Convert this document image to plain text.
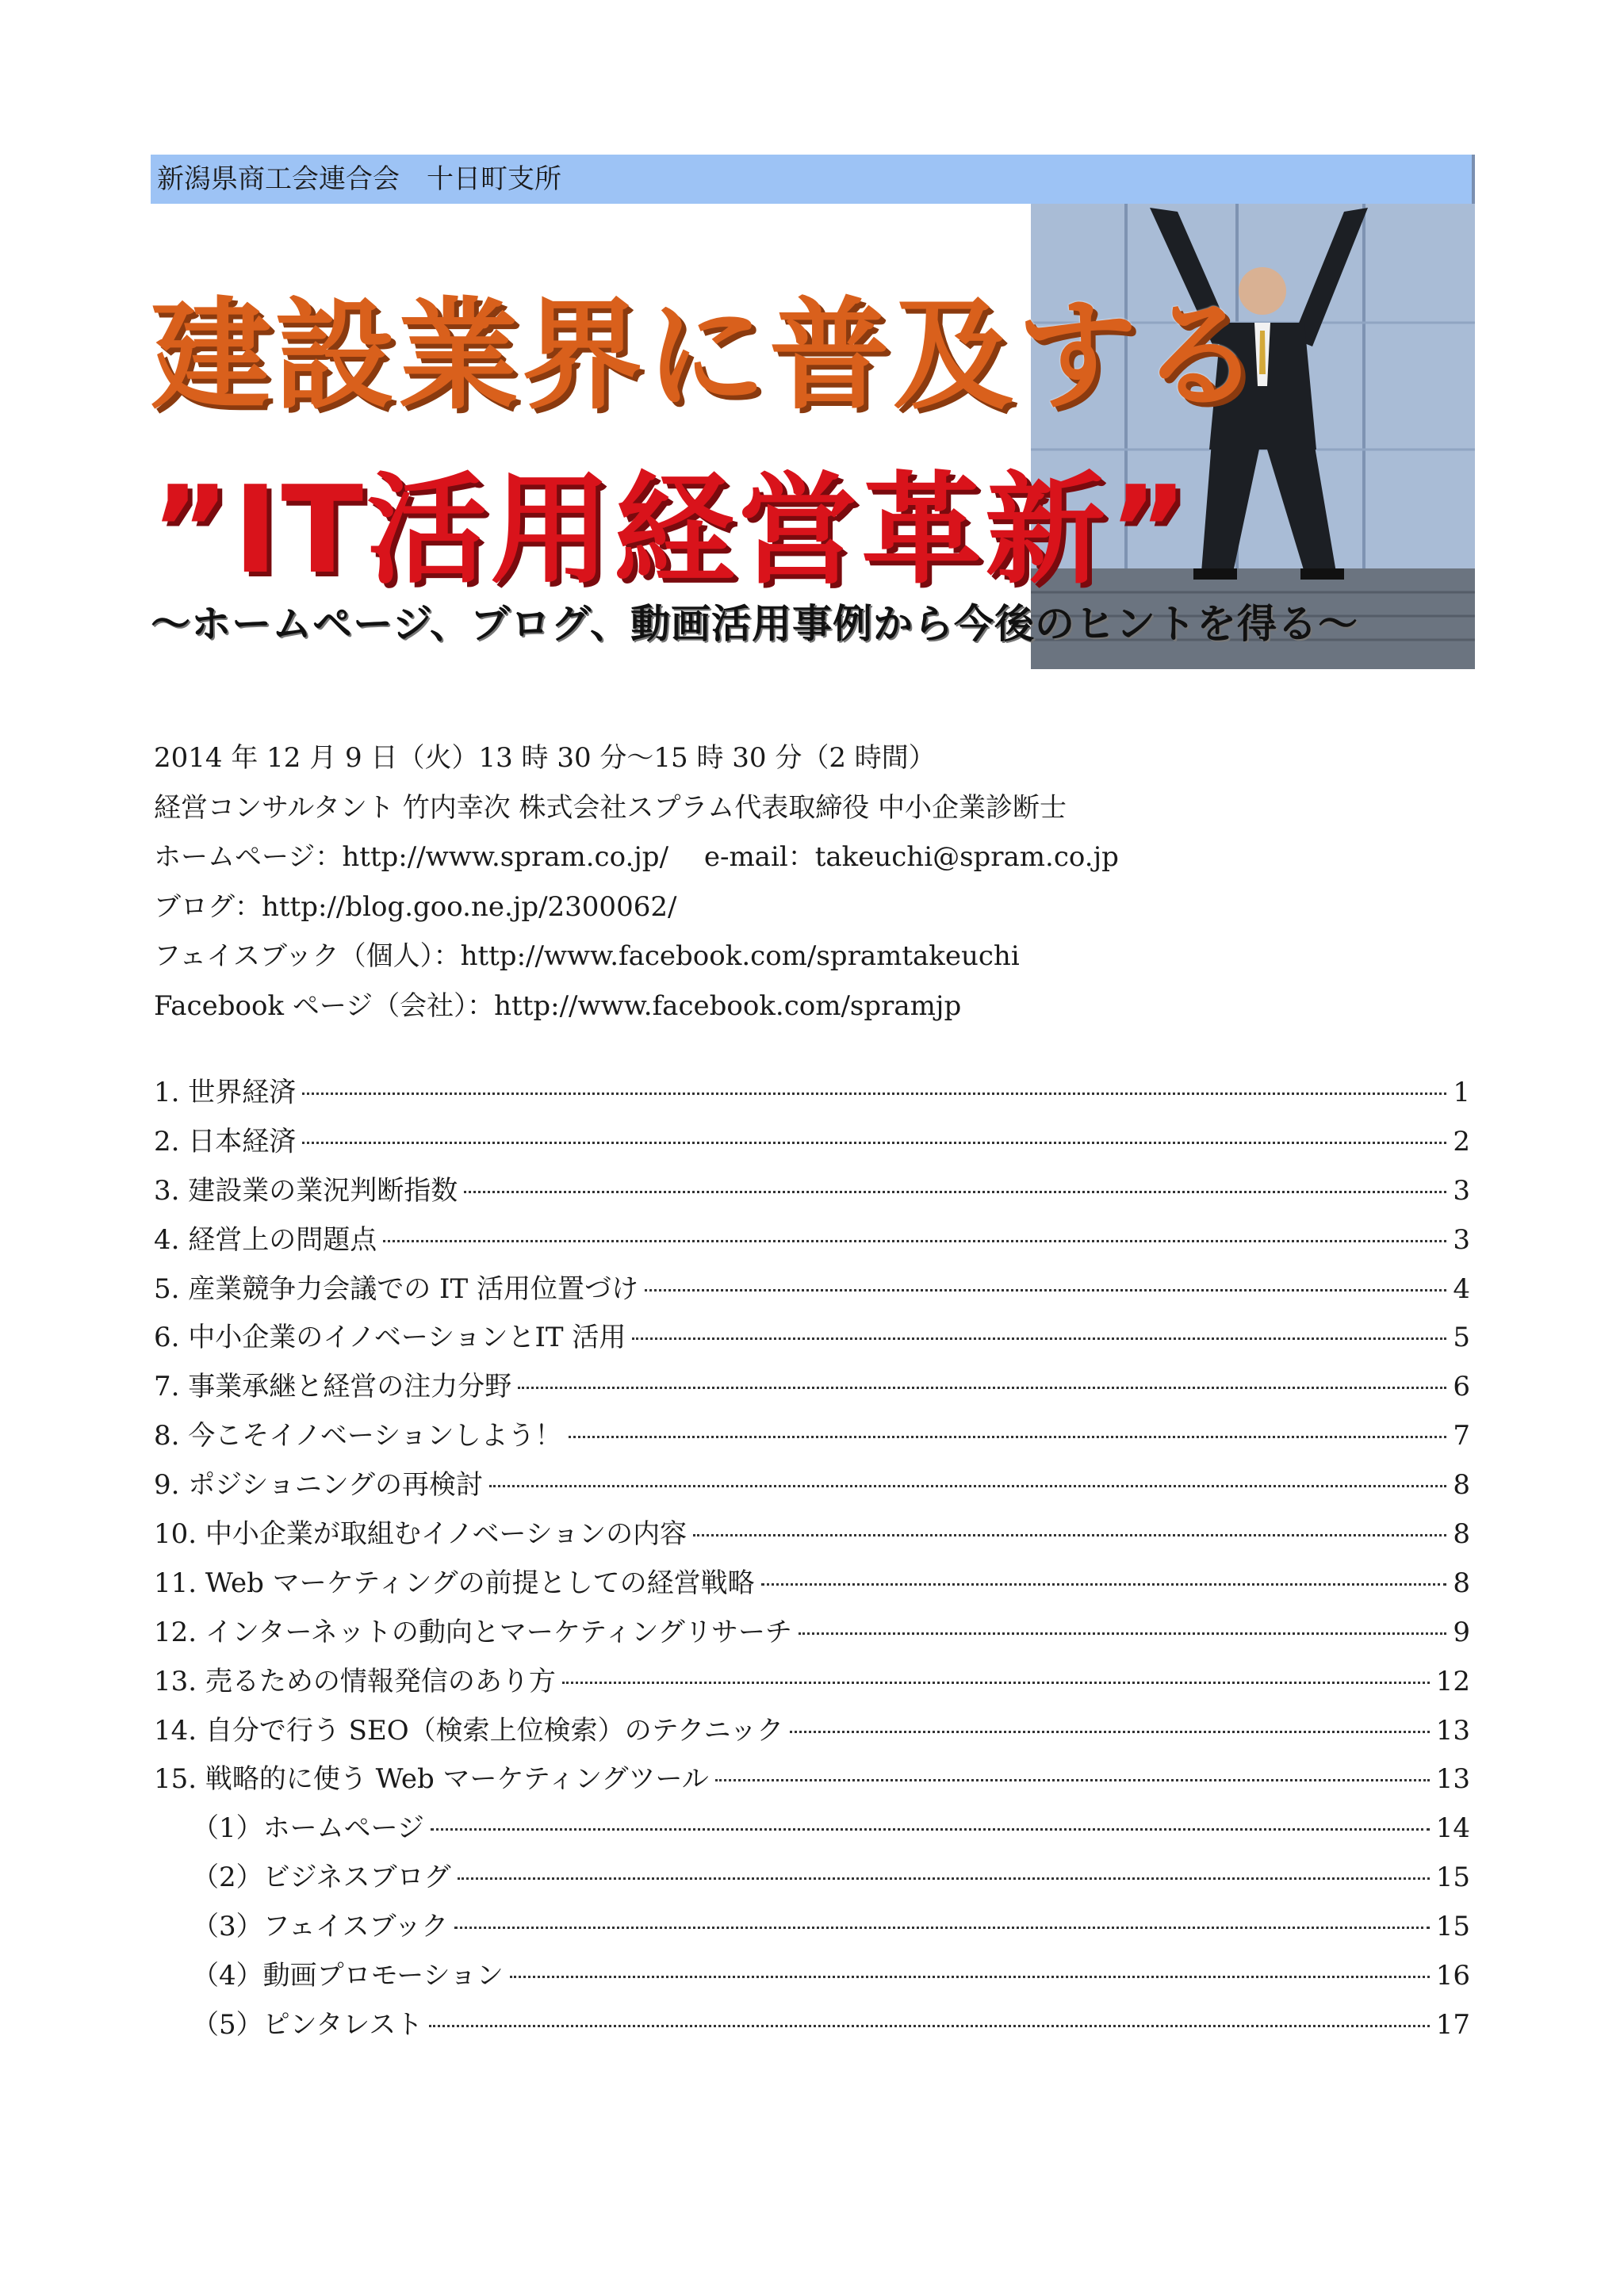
新潟県商工会連合会　十日町支所
建設業界に普及する
”IT活用経営革新”
〜ホームページ、ブログ、動画活用事例から今後のヒントを得る〜
2014 年 12 月 9 日（火）13 時 30 分〜15 時 30 分（2 時間）
経営コンサルタント 竹内幸次 株式会社スプラム代表取締役 中小企業診断士
ホームページ：http://www.spram.co.jp/　 e-mail：takeuchi@spram.co.jp
ブログ：http://blog.goo.ne.jp/2300062/
フェイスブック（個人）：http://www.facebook.com/spramtakeuchi
Facebook ページ（会社）：http://www.facebook.com/spramjp
1. 世界経済	1
2. 日本経済	2
3. 建設業の業況判断指数	3
4. 経営上の問題点	3
5. 産業競争力会議での IT 活用位置づけ	4
6. 中小企業のイノベーションとIT 活用	5
7. 事業承継と経営の注力分野	6
8. 今こそイノベーションしよう！	7
9. ポジショニングの再検討	8
10. 中小企業が取組むイノベーションの内容	8
11. Web マーケティングの前提としての経営戦略	8
12. インターネットの動向とマーケティングリサーチ	9
13. 売るための情報発信のあり方	12
14. 自分で行う SEO（検索上位検索）のテクニック	13
15. 戦略的に使う Web マーケティングツール	13
（1）ホームページ	14
（2）ビジネスブログ	15
（3）フェイスブック	15
（4）動画プロモーション	16
（5）ピンタレスト	17
